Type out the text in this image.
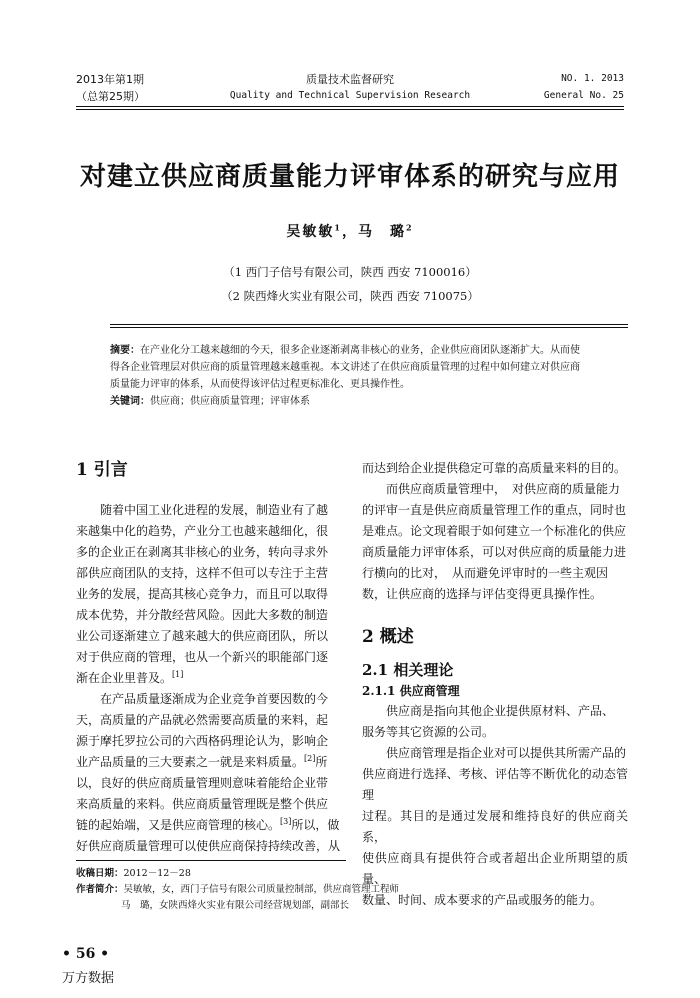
2013年第1期
（总第25期）
质量技术监督研究
Quality and Technical Supervision Research
NO. 1. 2013
General No. 25
对建立供应商质量能力评审体系的研究与应用
吴敏敏$^1$，马　璐$^2$
（1 西门子信号有限公司，陕西 西安 7100016）
（2 陕西烽火实业有限公司，陕西 西安 710075）
摘要：在产业化分工越来越细的今天，很多企业逐渐剥离非核心的业务，企业供应商团队逐渐扩大。从而使
得各企业管理层对供应商的质量管理越来越重视。本文讲述了在供应商质量管理的过程中如何建立对供应商
质量能力评审的体系，从而使得该评估过程更标准化、更具操作性。
关键词：供应商；供应商质量管理；评审体系

1 引言

随着中国工业化进程的发展，制造业有了越

来越集中化的趋势，产业分工也越来越细化，很

多的企业正在剥离其非核心的业务，转向寻求外

部供应商团队的支持，这样不但可以专注于主营

业务的发展，提高其核心竞争力，而且可以取得

成本优势，并分散经营风险。因此大多数的制造

业公司逐渐建立了越来越大的供应商团队，所以

对于供应商的管理，也从一个新兴的职能部门逐

渐在企业里普及。[1]

在产品质量逐渐成为企业竞争首要因数的今

天，高质量的产品就必然需要高质量的来料，起

源于摩托罗拉公司的六西格码理论认为，影响企

业产品质量的三大要素之一就是来料质量。[2]所

以，良好的供应商质量管理则意味着能给企业带

来高质量的来料。供应商质量管理既是整个供应

链的起始端，又是供应商管理的核心。[3]所以，做

好供应商质量管理可以使供应商保持持续改善，从

而达到给企业提供稳定可靠的高质量来料的目的。

而供应商质量管理中，　对供应商的质量能力

的评审一直是供应商质量管理工作的重点，同时也

是难点。论文现着眼于如何建立一个标准化的供应

商质量能力评审体系，可以对供应商的质量能力进

行横向的比对，　从而避免评审时的一些主观因

数，让供应商的选择与评估变得更具操作性。

2 概述

2.1 相关理论

2.1.1 供应商管理

供应商是指向其他企业提供原材料、产品、

服务等其它资源的公司。

供应商管理是指企业对可以提供其所需产品的

供应商进行选择、考核、评估等不断优化的动态管理

过程。其目的是通过发展和维持良好的供应商关系，

使供应商具有提供符合或者超出企业所期望的质量、

数量、时间、成本要求的产品或服务的能力。

收稿日期：2012－12－28
作者简介：吴敏敏，女，西门子信号有限公司质量控制部，供应商管理工程师
马　璐，女陕西烽火实业有限公司经营规划部，副部长
• 56 •
万方数据
